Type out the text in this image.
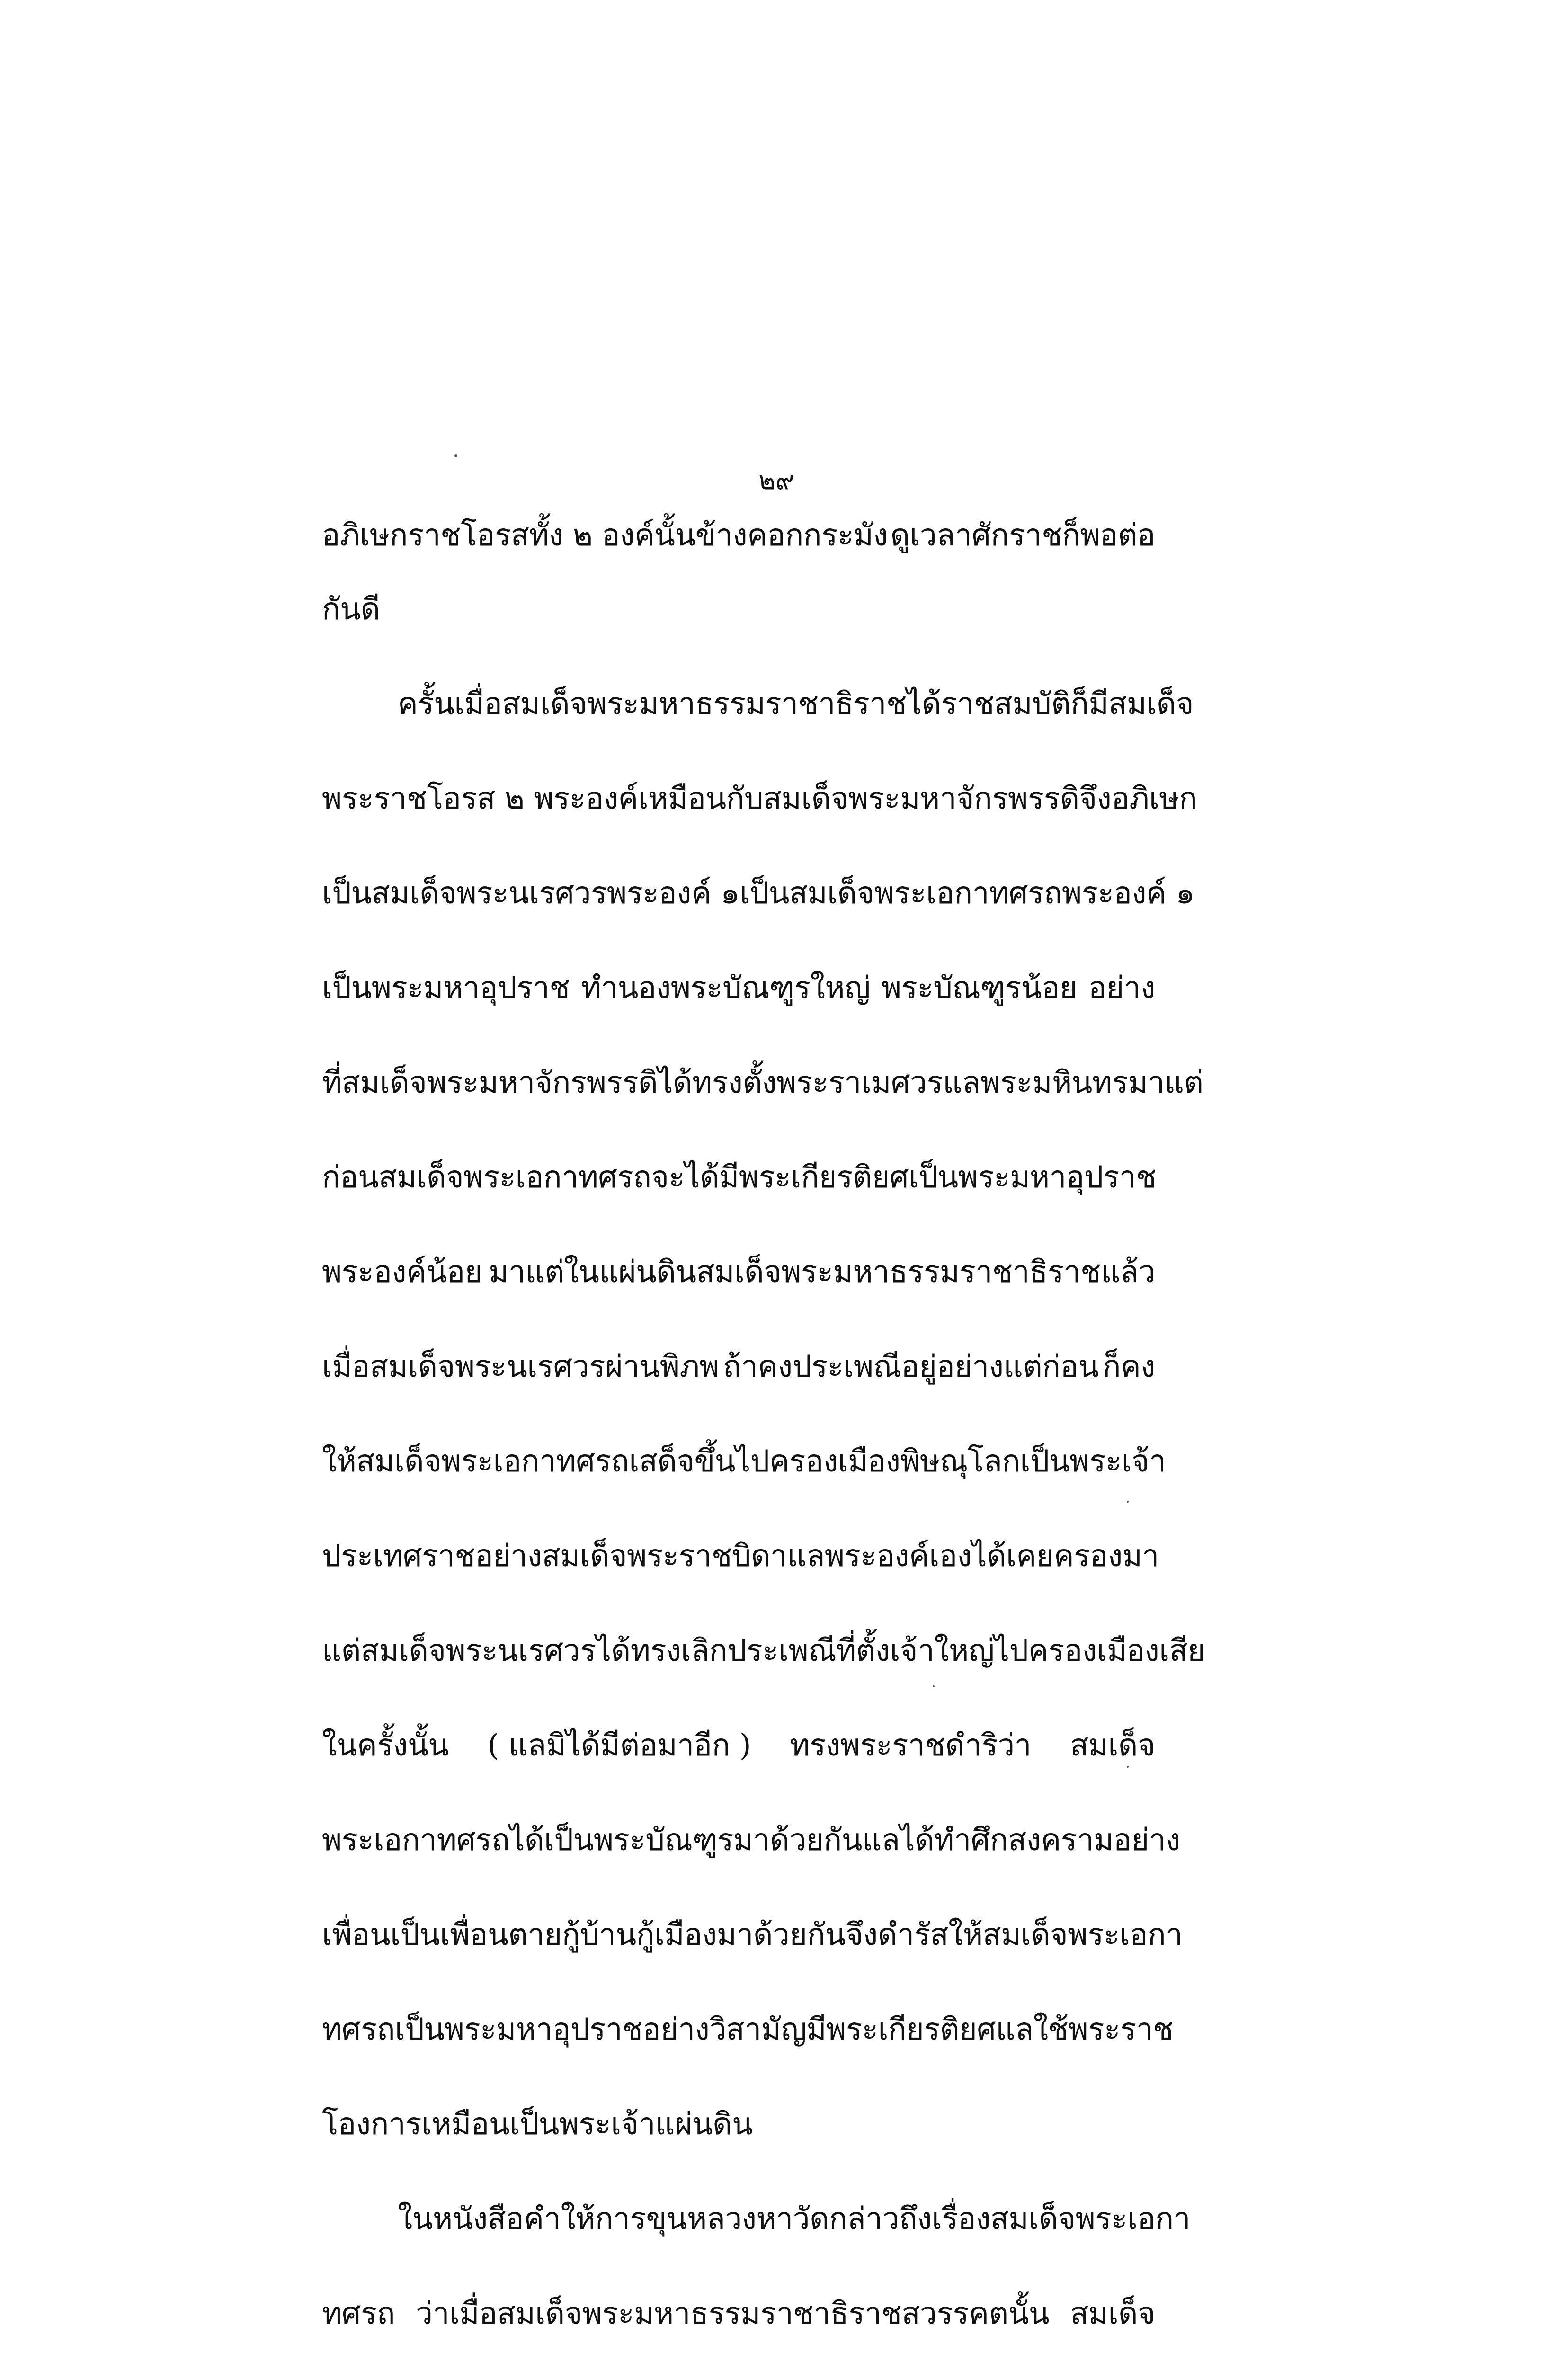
๒๙
อภิเษกราชโอรสทั้ง ๒ องค์นั้นข้างคอกกระมัง ดูเวลาศักราชก็พอต่อ
กันดี
ครั้นเมื่อสมเด็จพระมหาธรรมราชาธิราชได้ราชสมบัติ ก็มีสมเด็จ
พระราชโอรส ๒ พระองค์เหมือนกับสมเด็จพระมหาจักรพรรดิ จึงอภิเษก
เป็นสมเด็จพระนเรศวรพระองค์ ๑ เป็นสมเด็จพระเอกาทศรถพระองค์ ๑
เป็นพระมหาอุปราช ทำนองพระบัณฑูรใหญ่ พระบัณฑูรน้อย อย่าง
ที่สมเด็จพระมหาจักรพรรดิได้ทรงตั้งพระราเมศวรแลพระมหินทรมาแต่
ก่อน สมเด็จพระเอกาทศรถจะได้มีพระเกียรติยศเป็นพระมหาอุปราช
พระองค์น้อย มาแต่ในแผ่นดินสมเด็จพระมหาธรรมราชาธิราชแล้ว
เมื่อสมเด็จพระนเรศวรผ่านพิภพ ถ้าคงประเพณีอยู่อย่างแต่ก่อน ก็คง
ให้สมเด็จพระเอกาทศรถเสด็จขึ้นไปครองเมืองพิษณุโลก เป็นพระเจ้า
ประเทศราชอย่างสมเด็จพระราชบิดา แลพระองค์เองได้เคยครองมา
แต่สมเด็จพระนเรศวรได้ทรงเลิกประเพณีที่ตั้งเจ้าใหญ่ไปครองเมืองเสีย
ในครั้งนั้น ( แลมิได้มีต่อมาอีก ) ทรงพระราชดำริว่า สมเด็จ
พระเอกาทศรถได้เป็นพระบัณฑูรมาด้วยกัน แลได้ทำศึกสงครามอย่าง
เพื่อนเป็นเพื่อนตายกู้บ้านกู้เมืองมาด้วยกัน จึงดำรัสให้สมเด็จพระเอกา
ทศรถเป็นพระมหาอุปราชอย่างวิสามัญ มีพระเกียรติยศแลใช้พระราช
โองการเหมือนเป็นพระเจ้าแผ่นดิน
ในหนังสือคำให้การขุนหลวงหาวัด กล่าวถึงเรื่องสมเด็จพระเอกา
ทศรถ ว่าเมื่อสมเด็จพระมหาธรรมราชาธิราชสวรรคตนั้น สมเด็จ
